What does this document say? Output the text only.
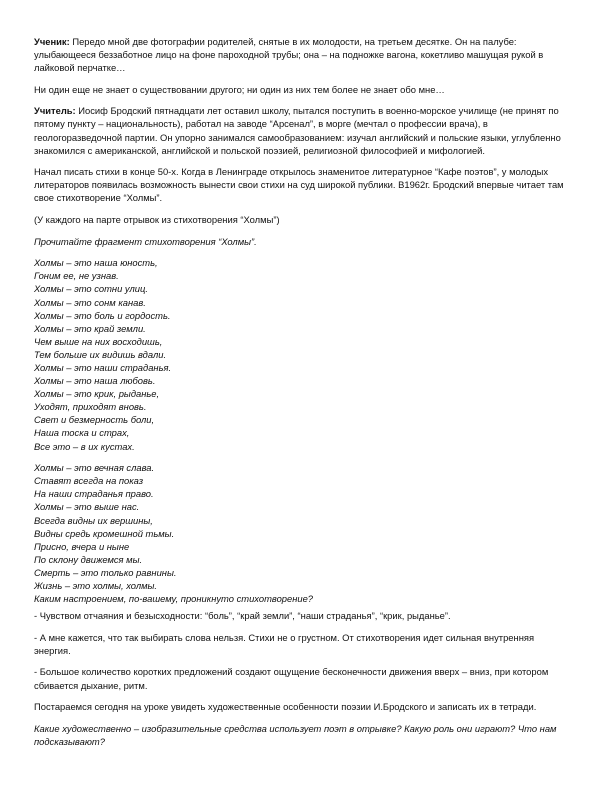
Ученик: Передо мной две фотографии родителей, снятые в их молодости, на третьем десятке. Он на палубе: улыбающееся беззаботное лицо на фоне пароходной трубы; она – на подножке вагона, кокетливо машущая рукой в лайковой перчатке…

Ни один еще не знает о существовании другого; ни один из них тем более не знает обо мне…

Учитель: Иосиф Бродский пятнадцати лет оставил школу, пытался поступить в военно-морское училище (не принят по пятому пункту – национальность), работал на заводе “Арсенал”, в морге (мечтал о профессии врача), в геологоразведочной партии. Он упорно занимался самообразованием: изучал английский и польские языки, углубленно знакомился с американской, английской и польской поэзией, религиозной философией и мифологией.

Начал писать стихи в конце 50-х. Когда в Ленинграде открылось знаменитое литературное “Кафе поэтов”, у молодых литераторов появилась возможность вынести свои стихи на суд широкой публики. В1962г. Бродский впервые читает там свое стихотворение “Холмы”.

(У каждого на парте отрывок из стихотворения “Холмы”)

Прочитайте фрагмент стихотворения “Холмы”.

Холмы – это наша юность,
Гоним ее, не узнав.
Холмы – это сотни улиц.
Холмы – это сонм канав.
Холмы – это боль и гордость.
Холмы – это край земли.
Чем выше на них восходишь,
Тем больше их видишь вдали.
Холмы – это наши страданья.
Холмы – это наша любовь.
Холмы – это крик, рыданье,
Уходят, приходят вновь.
Свет и безмерность боли,
Наша тоска и страх,
Все это – в их кустах.
Холмы – это вечная слава.
Ставят всегда на показ
На наши страданья право.
Холмы – это выше нас.
Всегда видны их вершины,
Видны средь кромешной тьмы.
Присно, вчера и ныне
По склону движемся мы.
Смерть – это только равнины.
Жизнь – это холмы, холмы.
Каким настроением, по-вашему, проникнуто стихотворение?

- Чувством отчаяния и безысходности: “боль”, “край земли”, “наши страданья”, “крик, рыданье”.

- А мне кажется, что так выбирать слова нельзя. Стихи не о грустном. От стихотворения идет сильная внутренняя энергия.

- Большое количество коротких предложений создают ощущение бесконечности движения вверх – вниз, при котором сбивается дыхание, ритм.

Постараемся сегодня на уроке увидеть художественные особенности поэзии И.Бродского и записать их в тетради.

Какие художественно – изобразительные средства использует поэт в отрывке? Какую роль они играют? Что нам подсказывают?
